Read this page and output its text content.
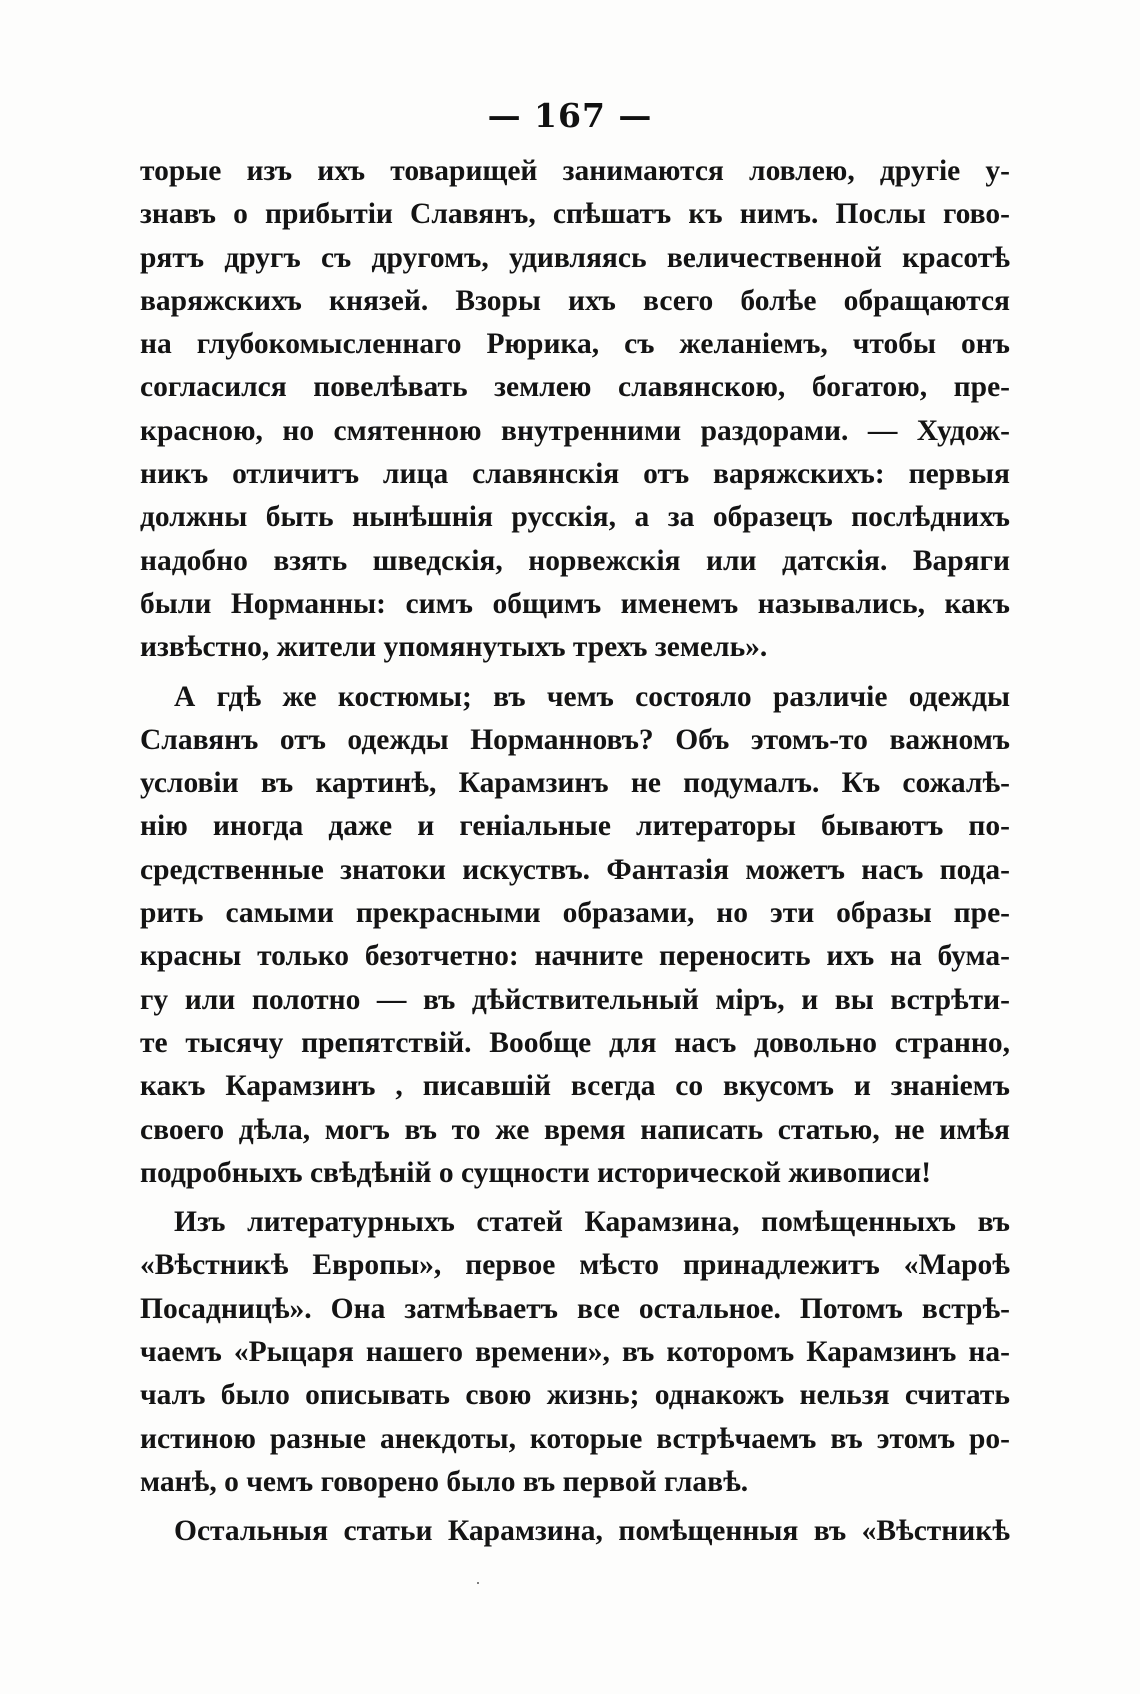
— 167 —
торые изъ ихъ товарищей занимаются ловлею, другіе у-
знавъ о прибытіи Славянъ, спѣшатъ къ нимъ. Послы гово-
рятъ другъ съ другомъ, удивляясь величественной красотѣ
варяжскихъ князей. Взоры ихъ всего болѣе обращаются
на глубокомысленнаго Рюрика, съ желаніемъ, чтобы онъ
согласился повелѣвать землею славянскою, богатою, пре-
красною, но смятенною внутренними раздорами. — Худож-
никъ отличитъ лица славянскія отъ варяжскихъ: первыя
должны быть нынѣшнія русскія, а за образецъ послѣднихъ
надобно взять шведскія, норвежскія или датскія. Варяги
были Норманны: симъ общимъ именемъ назывались, какъ
извѣстно, жители упомянутыхъ трехъ земель».
А гдѣ же костюмы; въ чемъ состояло различіе одежды
Славянъ отъ одежды Норманновъ? Объ этомъ-то важномъ
условіи въ картинѣ, Карамзинъ не подумалъ. Къ сожалѣ-
нію иногда даже и геніальные литераторы бываютъ по-
средственные знатоки искуствъ. Фантазія можетъ насъ пода-
рить самыми прекрасными образами, но эти образы пре-
красны только безотчетно: начните переносить ихъ на бума-
гу или полотно — въ дѣйствительный міръ, и вы встрѣти-
те тысячу препятствій. Вообще для насъ довольно странно,
какъ Карамзинъ , писавшій всегда со вкусомъ и знаніемъ
своего дѣла, могъ въ то же время написать статью, не имѣя
подробныхъ свѣдѣній о сущности исторической живописи!
Изъ литературныхъ статей Карамзина, помѣщенныхъ въ
«Вѣстникѣ Европы», первое мѣсто принадлежитъ «Мароѣ
Посадницѣ». Она затмѣваетъ все остальное. Потомъ встрѣ-
чаемъ «Рыцаря нашего времени», въ которомъ Карамзинъ на-
чалъ было описывать свою жизнь; однакожъ нельзя считать
истиною разные анекдоты, которые встрѣчаемъ въ этомъ ро-
манѣ, о чемъ говорено было въ первой главѣ.
Остальныя статьи Карамзина, помѣщенныя въ «Вѣстникѣ
